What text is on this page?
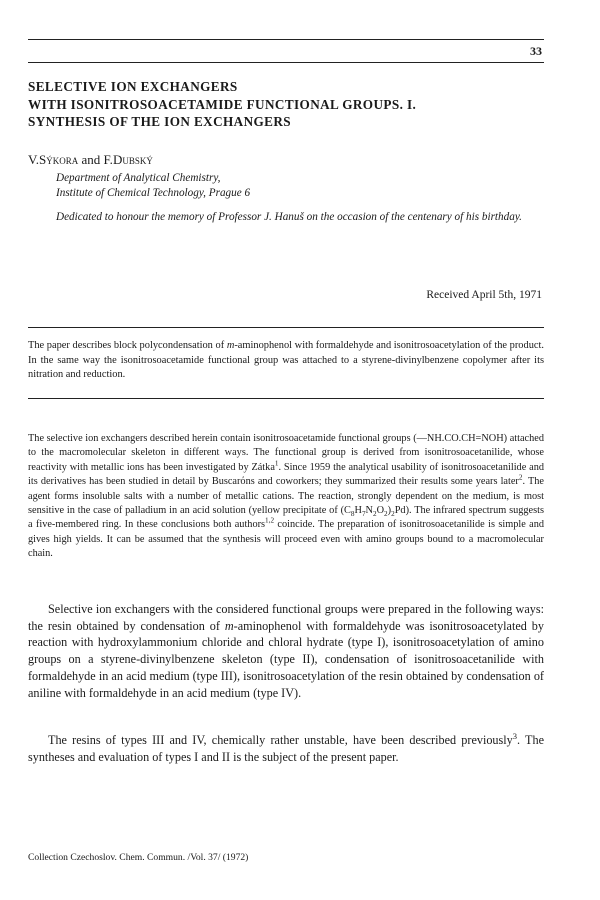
33
SELECTIVE ION EXCHANGERS
WITH ISONITROSOACETAMIDE FUNCTIONAL GROUPS. I.
SYNTHESIS OF THE ION EXCHANGERS

V.Sýkora and F.Dubský

Department of Analytical Chemistry,
Institute of Chemical Technology, Prague 6

Dedicated to honour the memory of Professor J. Hanuš on the occasion of the centenary of his birthday.

Received April 5th, 1971

The paper describes block polycondensation of m-aminophenol with formaldehyde and isonitrosoacetylation of the product. In the same way the isonitrosoacetamide functional group was attached to a styrene-divinylbenzene copolymer after its nitration and reduction.

The selective ion exchangers described herein contain isonitrosoacetamide functional groups (—NH.CO.CH=NOH) attached to the macromolecular skeleton in different ways. The functional group is derived from isonitrosoacetanilide, whose reactivity with metallic ions has been investigated by Zátka$^1$. Since 1959 the analytical usability of isonitrosoacetanilide and its derivatives has been studied in detail by Buscarόns and coworkers; they summarized their results some years later$^2$. The agent forms insoluble salts with a number of metallic cations. The reaction, strongly dependent on the medium, is most sensitive in the case of palladium in an acid solution (yellow precipitate of $(C_8H_7N_2O_2)_2Pd$). The infrared spectrum suggests a five-membered ring. In these conclusions both authors$^{1,2}$ coincide. The preparation of isonitrosoacetanilide is simple and gives high yields. It can be assumed that the synthesis will proceed even with amino groups bound to a macromolecular chain.

Selective ion exchangers with the considered functional groups were prepared in the following ways: the resin obtained by condensation of m-aminophenol with formaldehyde was isonitrosoacetylated by reaction with hydroxylammonium chloride and chloral hydrate (type I), isonitrosoacetylation of amino groups on a styrene-divinylbenzene skeleton (type II), condensation of isonitrosoacetanilide with formaldehyde in an acid medium (type III), isonitrosoacetylation of the resin obtained by condensation of aniline with formaldehyde in an acid medium (type IV).

The resins of types III and IV, chemically rather unstable, have been described previously$^3$. The syntheses and evaluation of types I and II is the subject of the present paper.

Collection Czechoslov. Chem. Commun. /Vol. 37/ (1972)
